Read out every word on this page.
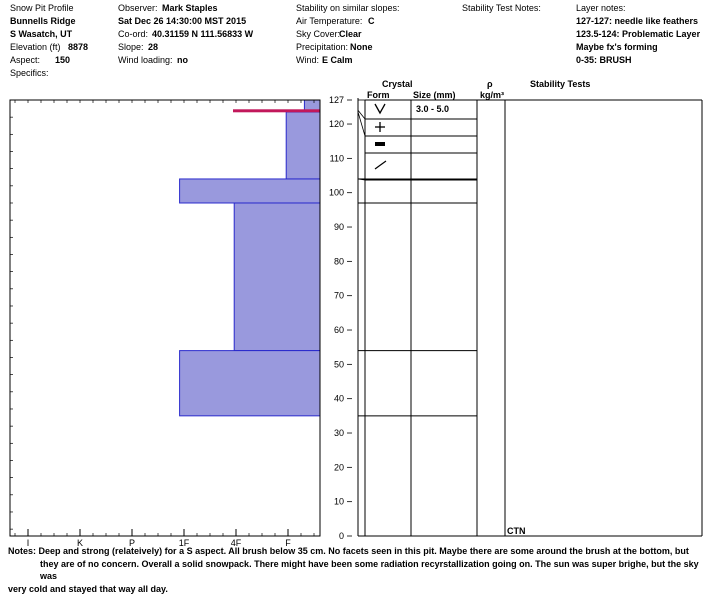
Snow Pit Profile
Bunnells Ridge
S Wasatch, UT
Elevation (ft) 8878
Aspect: 150
Specifics:
Observer: Mark Staples
Sat Dec 26 14:30:00 MST 2015
Co-ord: 40.31159 N 111.56833 W
Slope: 28
Wind loading: no
Stability on similar slopes:
Air Temperature: C
Sky Cover:
Clear
Precipitation: None
Wind: E Calm
Stability Test Notes:	Layer notes:
127-127: needle like feathers
123.5-124: Problematic Layer
Maybe fx's forming
0-35: BRUSH
Crystal
Form	Size (mm)
ρ
kg/m³
Stability Tests
I	K	P	1F	4F	F
0
10
20
30
40
50
60
70
80
90
100
110
120
127
3.0 - 5.0
CTN
Notes: Deep and strong (relateively) for a S aspect. All brush below 35 cm. No facets seen in this pit. Maybe there are some around the brush at the bottom, but
they are of no concern. Overall a solid snowpack. There might have been some radiation recyrstallization going on. The sun was super brighe, but the sky was
very cold and stayed that way all day.
